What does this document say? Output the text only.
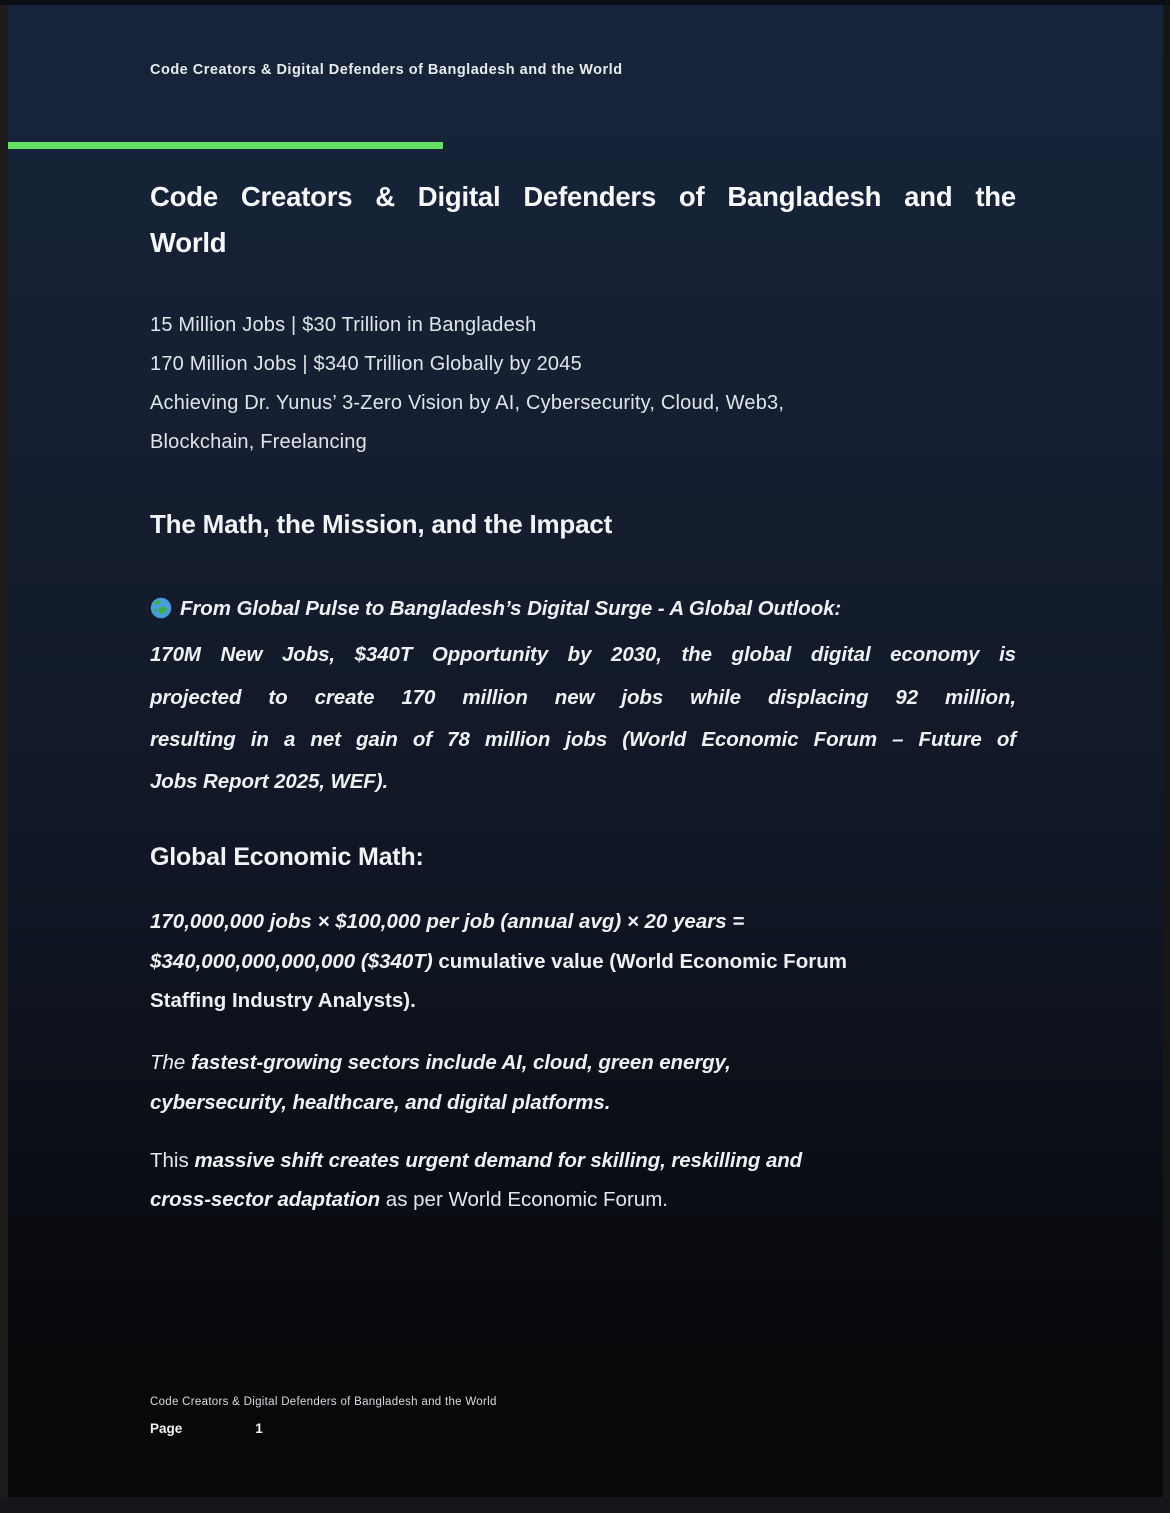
Code Creators & Digital Defenders of Bangladesh and the World
Code Creators & Digital Defenders of Bangladesh and the
World
15 Million Jobs | $30 Trillion in Bangladesh
170 Million Jobs | $340 Trillion Globally by 2045
Achieving Dr. Yunus’ 3-Zero Vision by AI, Cybersecurity, Cloud, Web3,
Blockchain, Freelancing
The Math, the Mission, and the Impact
From Global Pulse to Bangladesh’s Digital Surge - A Global Outlook:
170M New Jobs, $340T Opportunity by 2030, the global digital economy is
projected to create 170 million new jobs while displacing 92 million,
resulting in a net gain of 78 million jobs (World Economic Forum – Future of
Jobs Report 2025, WEF).
Global Economic Math:
170,000,000 jobs × $100,000 per job (annual avg) × 20 years =
$340,000,000,000,000 ($340T) cumulative value (World Economic Forum
Staffing Industry Analysts).
The fastest-growing sectors include AI, cloud, green energy,
cybersecurity, healthcare, and digital platforms.
This massive shift creates urgent demand for skilling, reskilling and
cross-sector adaptation as per World Economic Forum.
Code Creators & Digital Defenders of Bangladesh and the World
Page	1
